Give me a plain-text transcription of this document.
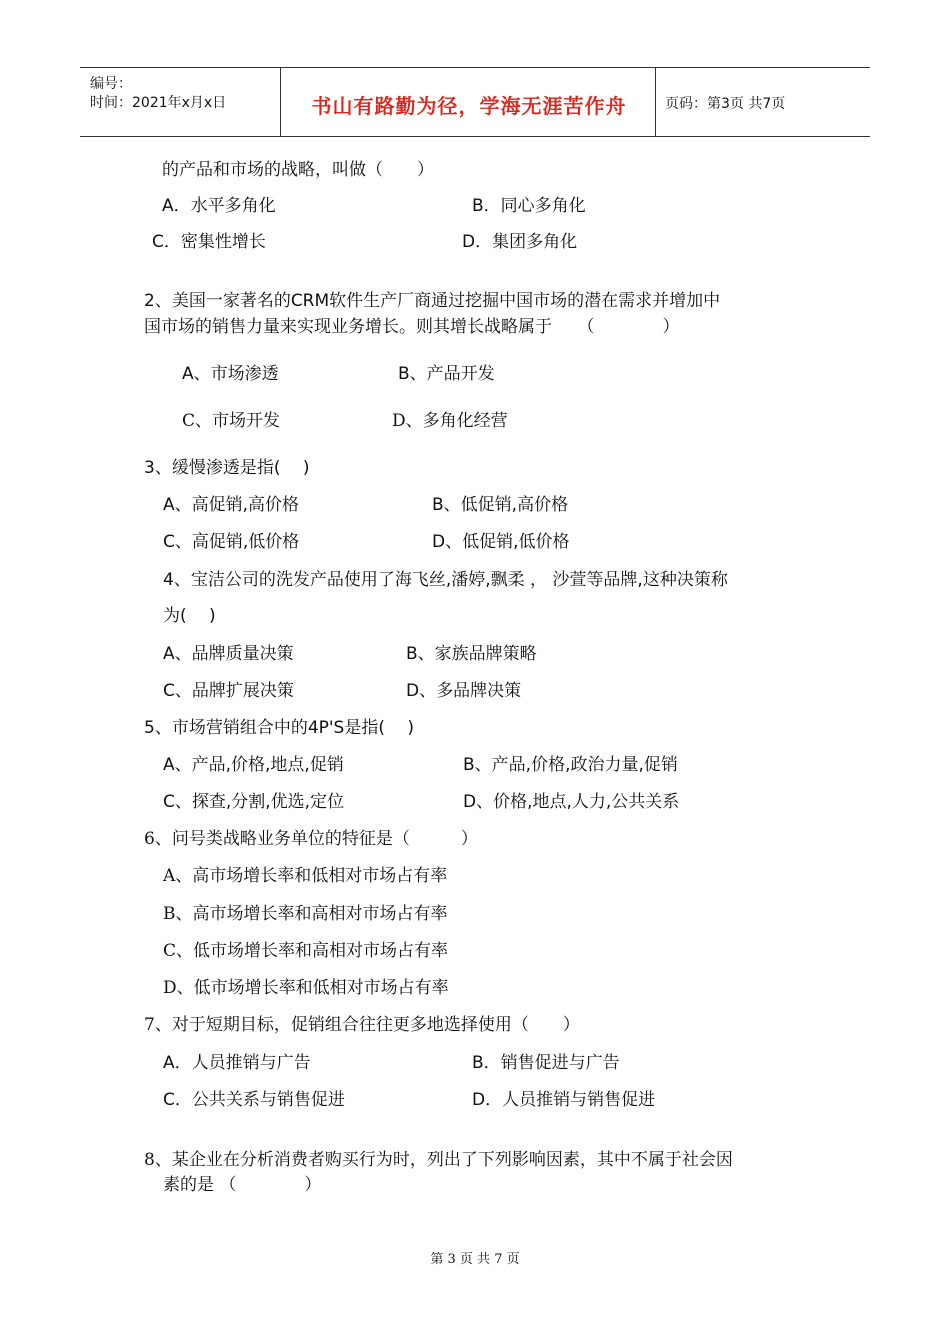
编号：
时间：2021年x月x日	书山有路勤为径，学海无涯苦作舟	页码：第3页 共7页
的产品和市场的战略，叫做（　　）
A．水平多角化	B．同心多角化
C．密集性增长	D．集团多角化
2、美国一家著名的CRM软件生产厂商通过挖掘中国市场的潜在需求并增加中
国市场的销售力量来实现业务增长。则其增长战略属于　　（　　　　）
A、市场渗透	B、产品开发
C、市场开发	D、多角化经营
3、缓慢渗透是指(　 )
A、高促销,高价格	B、低促销,高价格
C、高促销,低价格	D、低促销,低价格
4、宝洁公司的洗发产品使用了海飞丝,潘婷,飘柔 ， 沙萱等品牌,这种决策称
为(　 )
A、品牌质量决策	B、家族品牌策略
C、品牌扩展决策	D、多品牌决策
5、市场营销组合中的4P'S是指(　 )
A、产品,价格,地点,促销	B、产品,价格,政治力量,促销
C、探查,分割,优选,定位	D、价格,地点,人力,公共关系
6、问号类战略业务单位的特征是（　　　）
A、高市场增长率和低相对市场占有率
B、高市场增长率和高相对市场占有率
C、低市场增长率和高相对市场占有率
D、低市场增长率和低相对市场占有率
7、对于短期目标，促销组合往往更多地选择使用（　　）
A．人员推销与广告	B．销售促进与广告
C．公共关系与销售促进	D．人员推销与销售促进
8、某企业在分析消费者购买行为时，列出了下列影响因素，其中不属于社会因
素的是 （　　　　）
第 3 页 共 7 页
